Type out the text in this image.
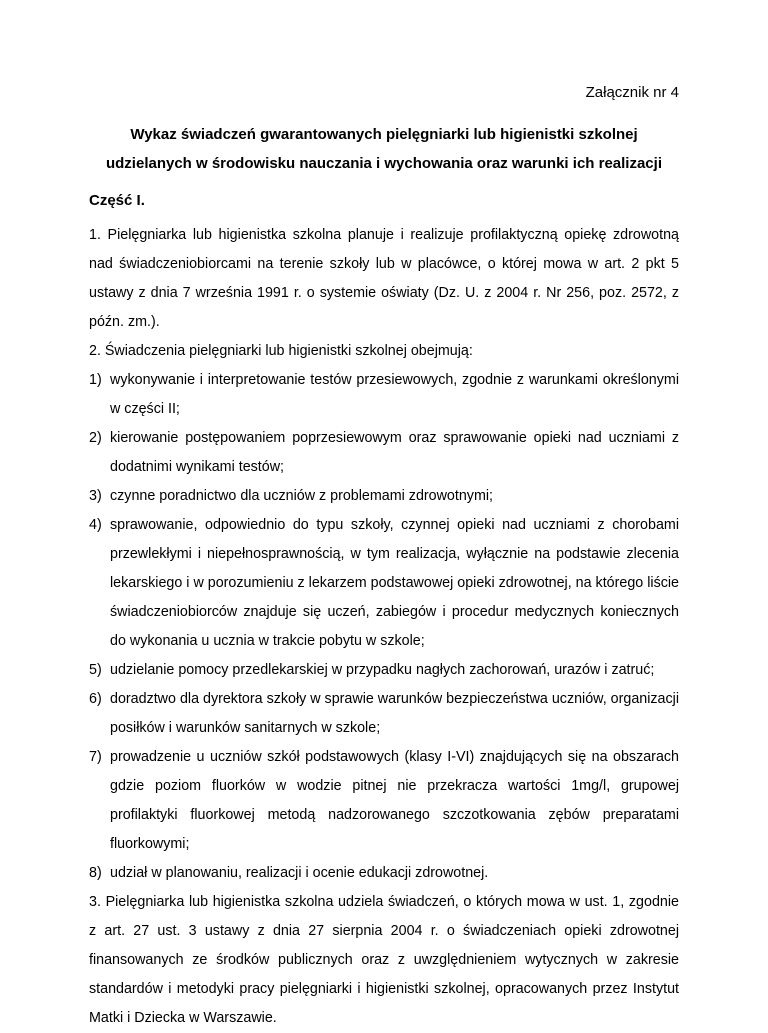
Załącznik nr 4
Wykaz świadczeń gwarantowanych pielęgniarki lub higienistki szkolnej
udzielanych w środowisku nauczania i wychowania oraz warunki ich realizacji
Część I.

1. Pielęgniarka lub higienistka szkolna planuje i realizuje profilaktyczną opiekę zdrowotną nad świadczeniobiorcami na terenie szkoły lub w placówce, o której mowa w art. 2 pkt 5 ustawy z dnia 7 września 1991 r. o systemie oświaty (Dz. U. z 2004 r. Nr 256, poz. 2572, z późn. zm.).

2. Świadczenia pielęgniarki lub higienistki szkolnej obejmują:

1) wykonywanie i interpretowanie testów przesiewowych, zgodnie z warunkami określonymi w części II;
2) kierowanie postępowaniem poprzesiewowym oraz sprawowanie opieki nad uczniami z dodatnimi wynikami testów;
3) czynne poradnictwo dla uczniów z problemami zdrowotnymi;
4) sprawowanie, odpowiednio do typu szkoły, czynnej opieki nad uczniami z chorobami przewlekłymi i niepełnosprawnością, w tym realizacja, wyłącznie na podstawie zlecenia lekarskiego i w porozumieniu z lekarzem podstawowej opieki zdrowotnej, na którego liście świadczeniobiorców znajduje się uczeń, zabiegów i procedur medycznych koniecznych do wykonania u ucznia w trakcie pobytu w szkole;
5) udzielanie pomocy przedlekarskiej w przypadku nagłych zachorowań, urazów i zatruć;
6) doradztwo dla dyrektora szkoły w sprawie warunków bezpieczeństwa uczniów, organizacji posiłków i warunków sanitarnych w szkole;
7) prowadzenie u uczniów szkół podstawowych (klasy I-VI) znajdujących się na obszarach gdzie poziom fluorków w wodzie pitnej nie przekracza wartości 1mg/l, grupowej profilaktyki fluorkowej metodą nadzorowanego szczotkowania zębów preparatami fluorkowymi;
8) udział w planowaniu, realizacji i ocenie edukacji zdrowotnej.

3. Pielęgniarka lub higienistka szkolna udziela świadczeń, o których mowa w ust. 1, zgodnie z art. 27 ust. 3 ustawy z dnia 27 sierpnia 2004 r. o świadczeniach opieki zdrowotnej finansowanych ze środków publicznych oraz z uwzględnieniem wytycznych w zakresie standardów i metodyki pracy pielęgniarki i higienistki szkolnej, opracowanych przez Instytut Matki i Dziecka w Warszawie.
